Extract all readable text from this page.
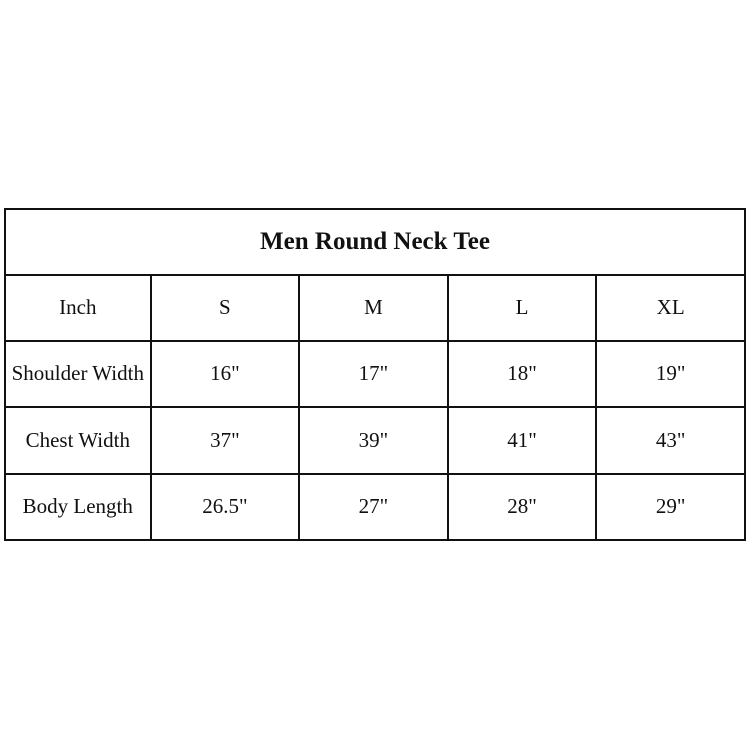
Men Round Neck Tee				
Inch	S	M	L	XL
Shoulder Width	16"	17"	18"	19"
Chest Width	37"	39"	41"	43"
Body Length	26.5"	27"	28"	29"
